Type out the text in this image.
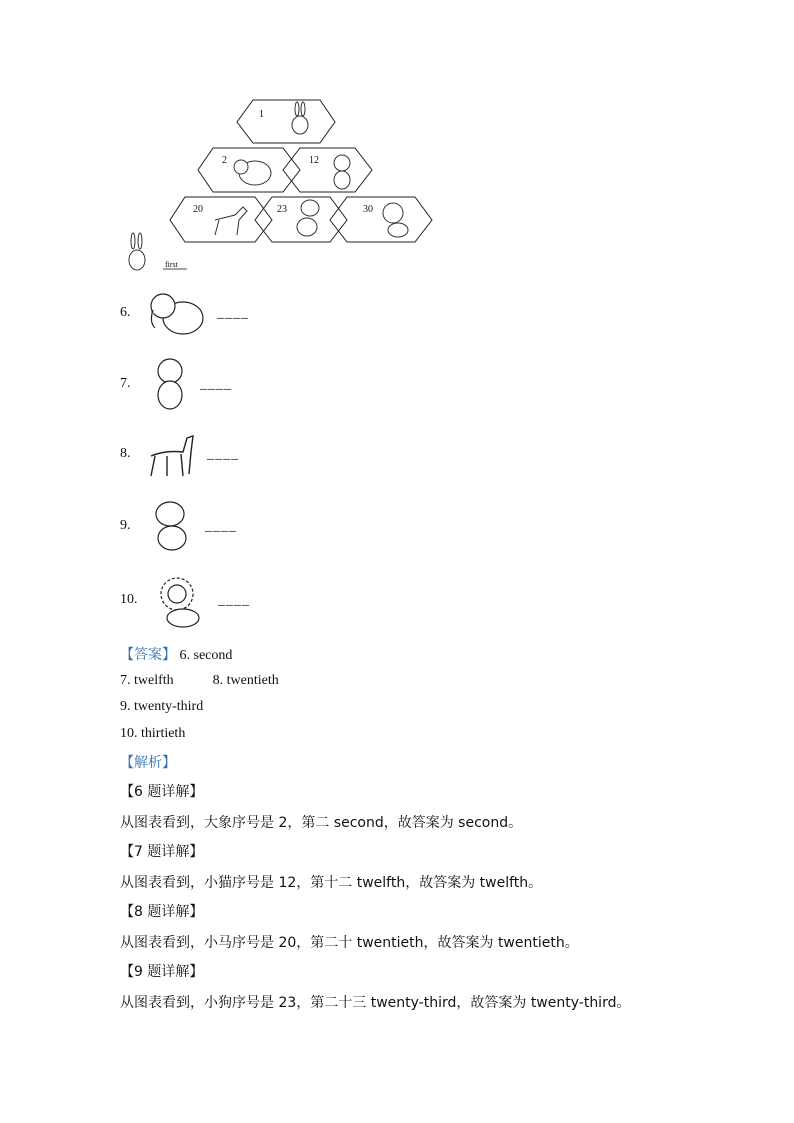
1
2	12
20	23	30
first
6.	____
7.	____
8.	____
9.	____
10.	____
【答案】 6. second
7. twelfth	8. twentieth
9. twenty-third
10. thirtieth
【解析】
【6 题详解】
从图表看到，大象序号是 2，第二 second，故答案为 second。
【7 题详解】
从图表看到，小猫序号是 12，第十二 twelfth，故答案为 twelfth。
【8 题详解】
从图表看到，小马序号是 20，第二十 twentieth，故答案为 twentieth。
【9 题详解】
从图表看到，小狗序号是 23，第二十三 twenty-third，故答案为 twenty-third。
